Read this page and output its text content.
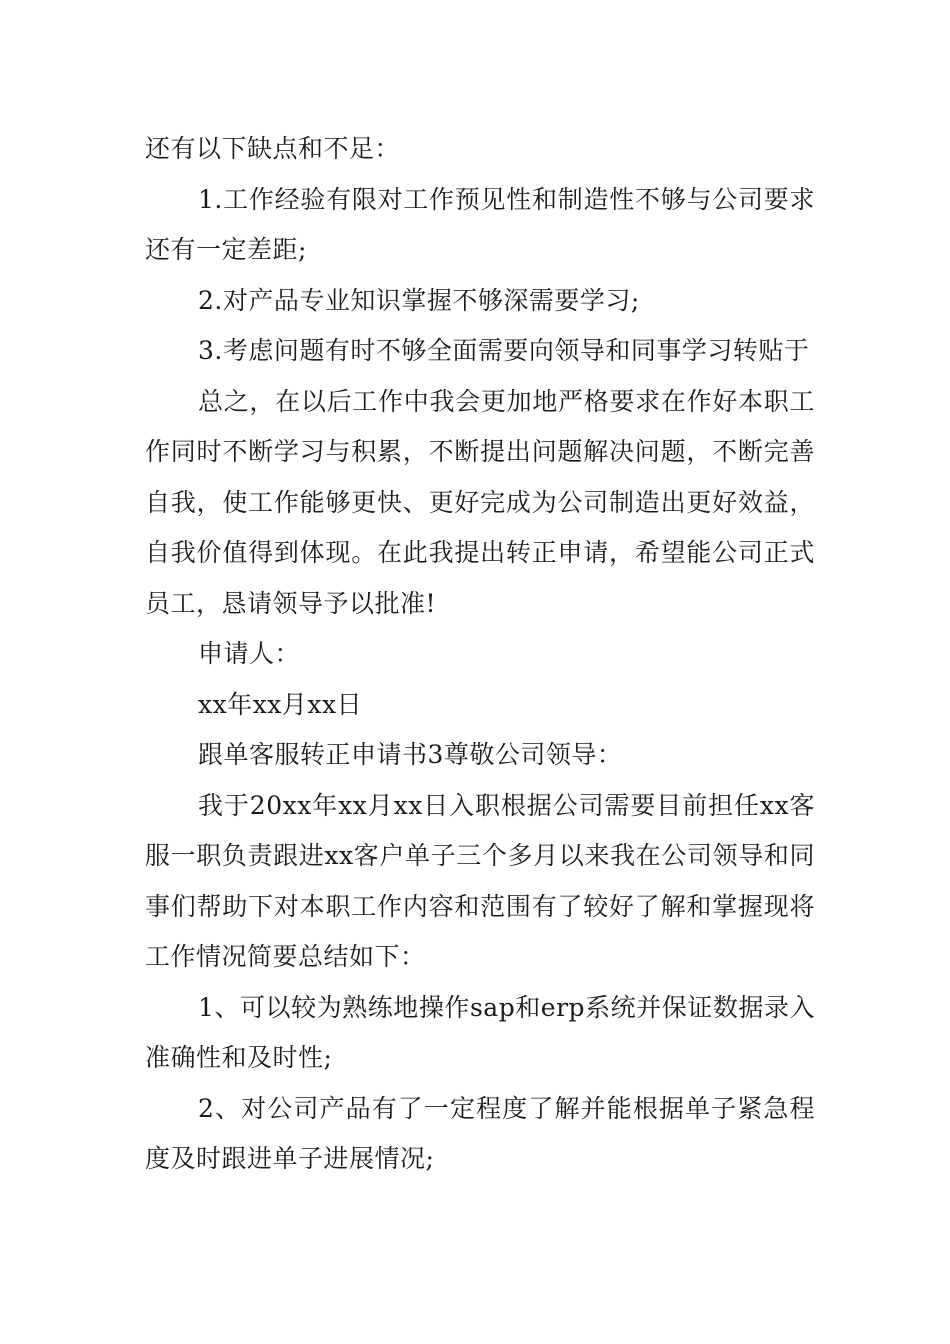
还有以下缺点和不足：

1.工作经验有限对工作预见性和制造性不够与公司要求还有一定差距;

2.对产品专业知识掌握不够深需要学习;

3.考虑问题有时不够全面需要向领导和同事学习转贴于

总之，在以后工作中我会更加地严格要求在作好本职工作同时不断学习与积累，不断提出问题解决问题，不断完善自我，使工作能够更快、更好完成为公司制造出更好效益，自我价值得到体现。在此我提出转正申请，希望能公司正式员工，恳请领导予以批准!

申请人：

xx年xx月xx日

跟单客服转正申请书3尊敬公司领导：

我于20xx年xx月xx日入职根据公司需要目前担任xx客服一职负责跟进xx客户单子三个多月以来我在公司领导和同事们帮助下对本职工作内容和范围有了较好了解和掌握现将工作情况简要总结如下：

1、可以较为熟练地操作sap和erp系统并保证数据录入准确性和及时性;

2、对公司产品有了一定程度了解并能根据单子紧急程度及时跟进单子进展情况;
